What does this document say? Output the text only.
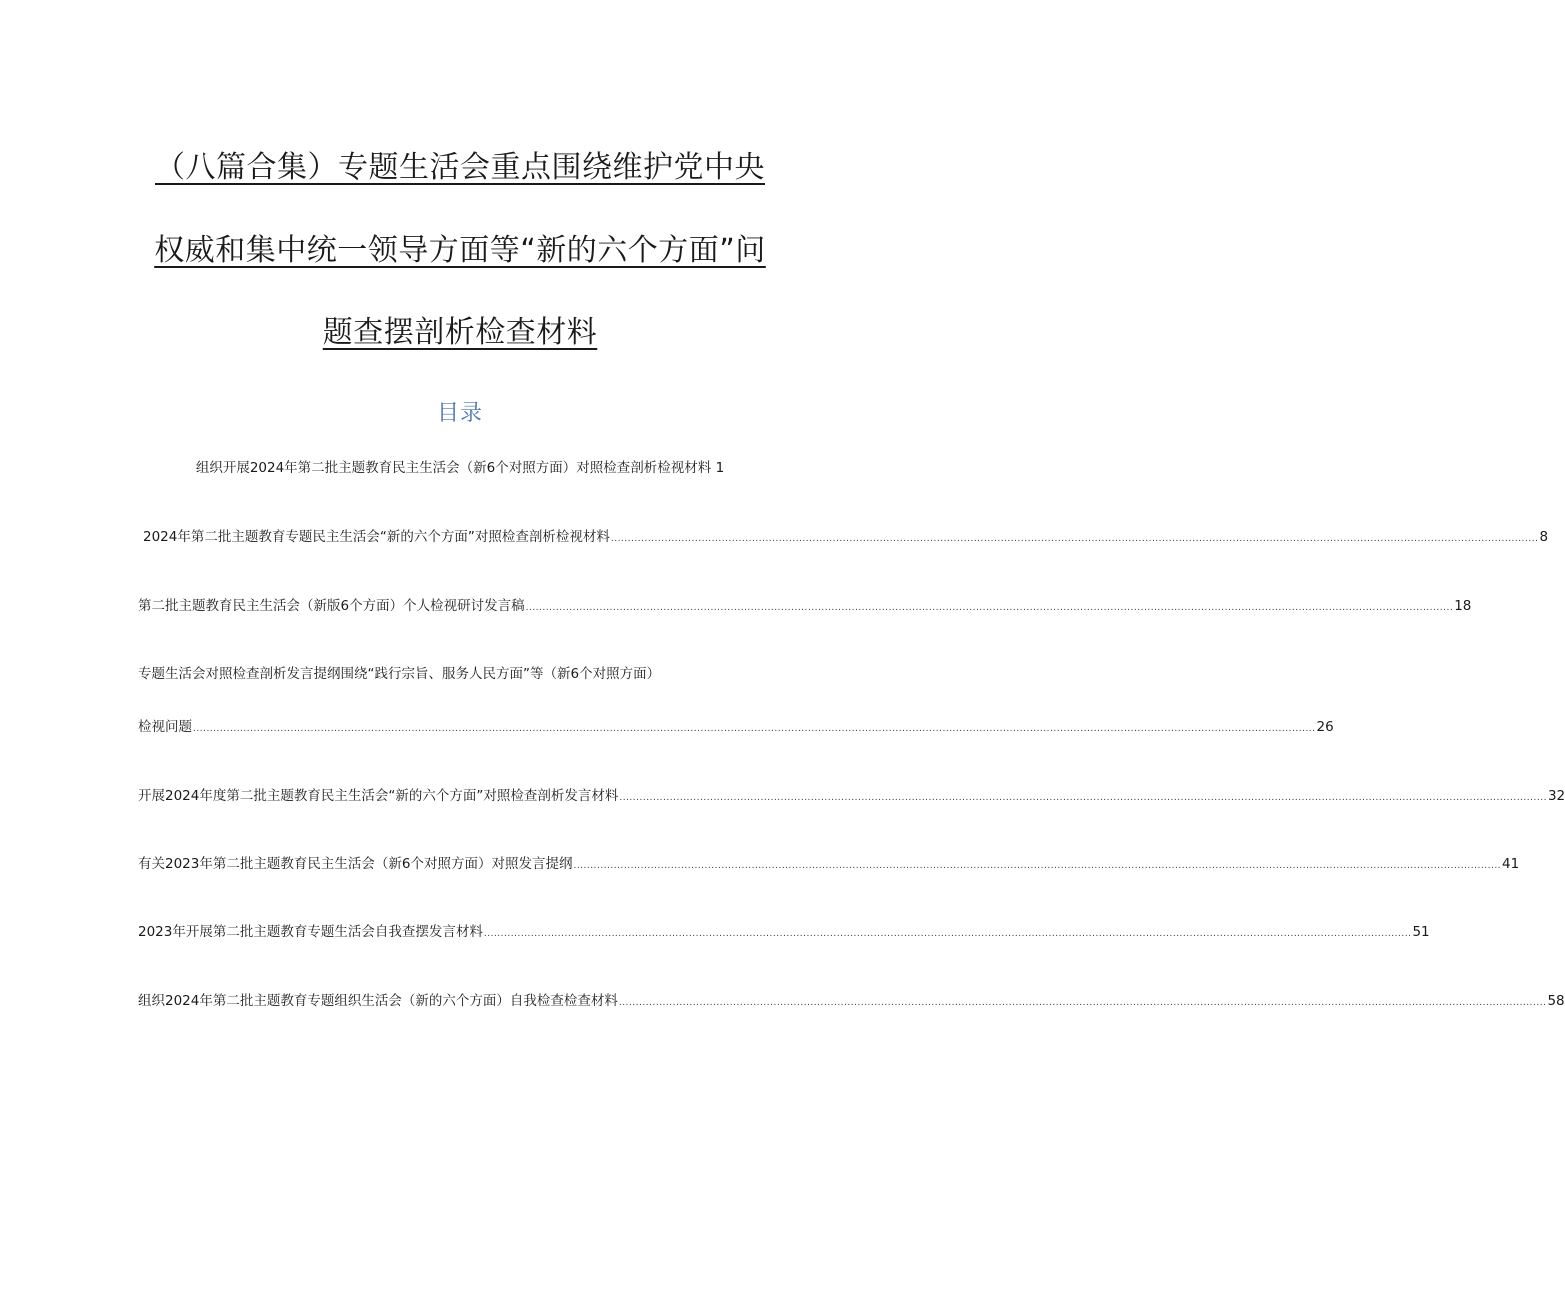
（八篇合集）专题生活会重点围绕维护党中央
权威和集中统一领导方面等“新的六个方面”问
题查摆剖析检查材料
目录
组织开展2024年第二批主题教育民主生活会（新6个对照方面）对照检查剖析检视材料 1
2024年第二批主题教育专题民主生活会“新的六个方面”对照检查剖析检视材料 .................................................................................................................................................................................................................................................................................... 8
第二批主题教育民主生活会（新版6个方面）个人检视研讨发言稿 .................................................................................................................................................................................................................................................................................... 18
专题生活会对照检查剖析发言提纲围绕“践行宗旨、服务人民方面”等（新6个对照方面）
检视问题 .............................................................................................................................................................................................................................................................................................................................................. 26
开展2024年度第二批主题教育民主生活会“新的六个方面”对照检查剖析发言材料 .................................................................................................................................................................................................................................................................................... 32
有关2023年第二批主题教育民主生活会（新6个对照方面）对照发言提纲 .................................................................................................................................................................................................................................................................................... 41
2023年开展第二批主题教育专题生活会自我查摆发言材料 .................................................................................................................................................................................................................................................................................... 51
组织2024年第二批主题教育专题组织生活会（新的六个方面）自我检查检查材料 .................................................................................................................................................................................................................................................................................... 58
